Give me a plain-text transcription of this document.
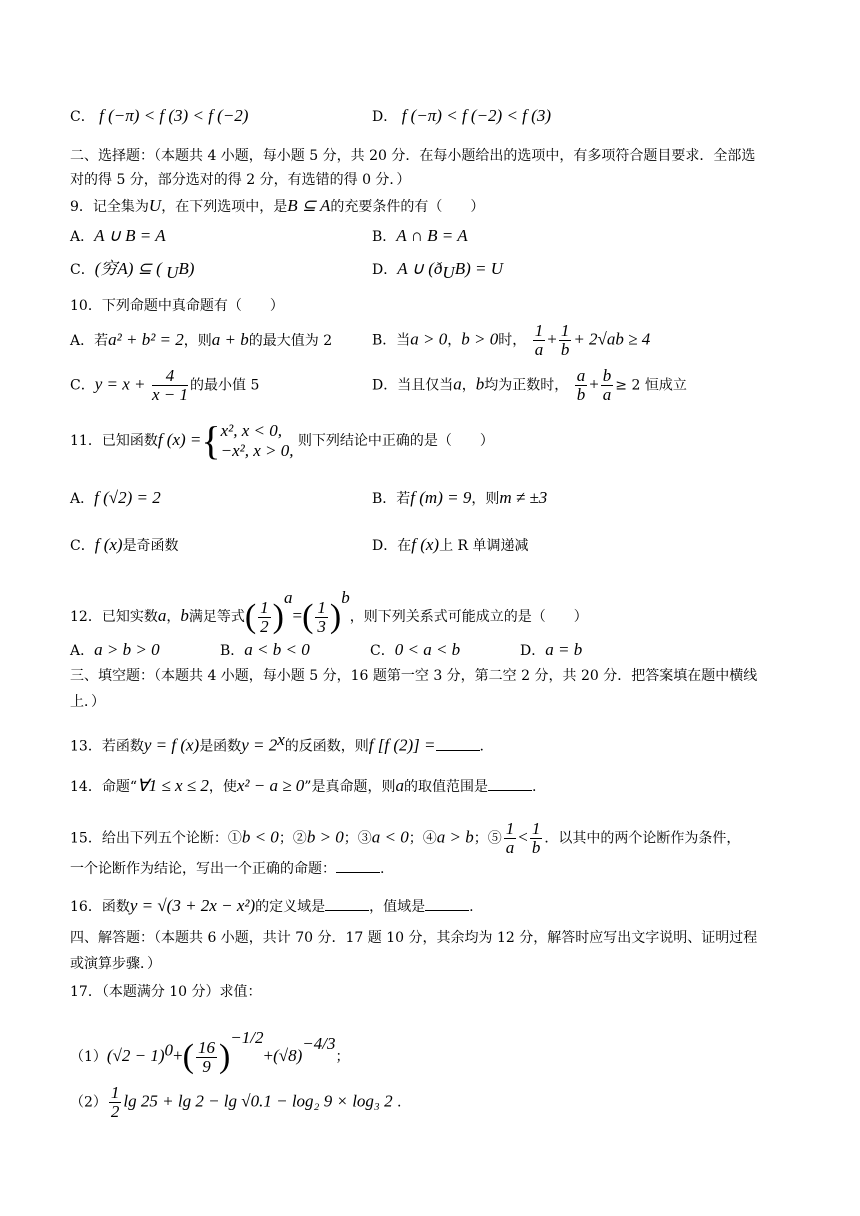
C． f (−π) < f (3) < f (−2)	D． f (−π) < f (−2) < f (3)
二、选择题：（本题共 4 小题，每小题 5 分，共 20 分．在每小题给出的选项中，有多项符合题目要求．全部选
对的得 5 分，部分选对的得 2 分，有选错的得 0 分．）
9．记全集为U，在下列选项中，是B ⊆ A的充要条件的有（　　）
A．A ∪ B = A	B．A ∩ B = A
C．(穷A) ⊆ ( $_U$B)	D．A ∪ $(ð_UB) = U$
10．下列命题中真命题有（　　）
A．若a² + b² = 2，则a + b的最大值为 2	B．当a > 0，b > 0时， $\frac{1}{a} + \frac{1}{b} + 2√ab \ge 4$
C．$y = x + \frac{4}{x - 1}$ 的最小值 5	D．当且仅当a，b均为正数时， $\frac{a}{b} + \frac{b}{a} \ge 2$ 恒成立
11．已知函数f (x) ={ x², x < 0,
−x², x > 0, 则下列结论中正确的是（　　）
A．f (√2) = 2	B．若f (m) = 9，则m ≠ ±3
C．f (x)是奇函数	D．在f (x)上 R 单调递减
12．已知实数a，b满足等式( $\frac{1}{2} )^a=( \frac{1}{3} )^b$，则下列关系式可能成立的是（　　）
A．a > b > 0	B．a < b < 0	C．0 < a < b	D．a = b
三、填空题：（本题共 4 小题，每小题 5 分，16 题第一空 3 分，第二空 2 分，共 20 分．把答案填在题中横线
上．）
13．若函数y = f (x)是函数$y = 2^x$的反函数，则f [f (2)] =	.
14．命题“∀1 ≤ x ≤ 2，使x² − a ≥ 0”是真命题，则a的取值范围是	.
15．给出下列五个论断：①b < 0；②b > 0；③a < 0；④a > b；⑤ $\frac{1}{a} < \frac{1}{b}$ ．以其中的两个论断作为条件，
一个论断作为结论，写出一个正确的命题：	.
16．函数y = √(3 + 2x − x²)的定义域是	，值域是	.
四、解答题：（本题共 6 小题，共计 70 分．17 题 10 分，其余均为 12 分，解答时应写出文字说明、证明过程
或演算步骤．）
17．（本题满分 10 分）求值：
$(1)(√2 - 1)^0+( \frac{16}{9} )^{-1/2}+(√8)^{-4/3}$；
$(2) \frac{1}{2}$ lg 25 + lg 2 − lg √0.1 − log₂ 9 × log₃ 2 .
